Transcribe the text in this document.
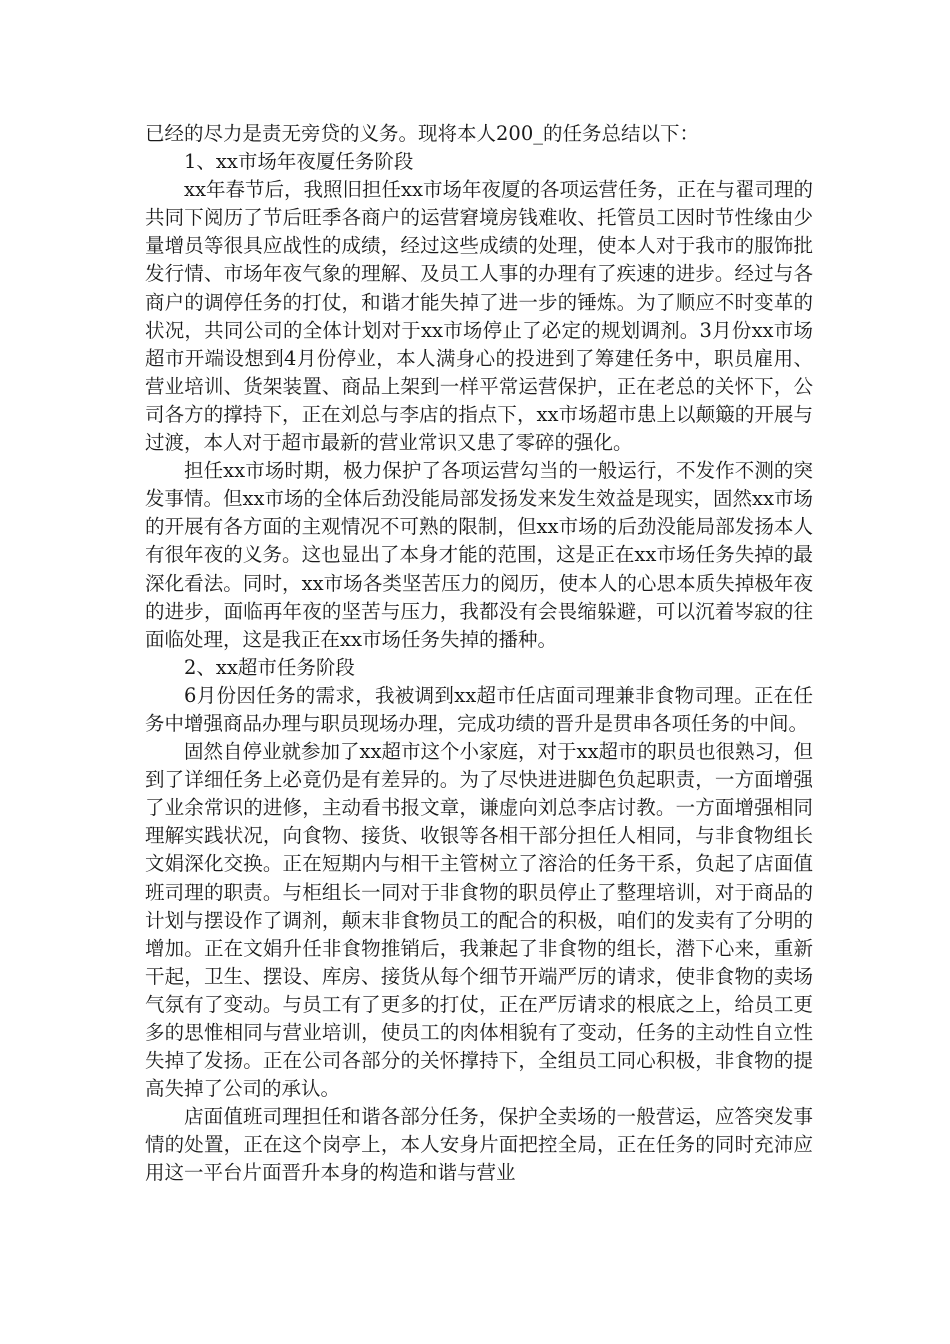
已经的尽力是责无旁贷的义务。现将本人200_的任务总结以下：

1、xx市场年夜厦任务阶段

xx年春节后，我照旧担任xx市场年夜厦的各项运营任务，正在与翟司理的共同下阅历了节后旺季各商户的运营窘境房钱难收、托管员工因时节性缘由少量增员等很具应战性的成绩，经过这些成绩的处理，使本人对于我市的服饰批发行情、市场年夜气象的理解、及员工人事的办理有了疾速的进步。经过与各商户的调停任务的打仗，和谐才能失掉了进一步的锤炼。为了顺应不时变革的状况，共同公司的全体计划对于xx市场停止了必定的规划调剂。3月份xx市场超市开端设想到4月份停业，本人满身心的投进到了筹建任务中，职员雇用、营业培训、货架装置、商品上架到一样平常运营保护，正在老总的关怀下，公司各方的撑持下，正在刘总与李店的指点下，xx市场超市患上以颠簸的开展与过渡，本人对于超市最新的营业常识又患了零碎的强化。

担任xx市场时期，极力保护了各项运营勾当的一般运行，不发作不测的突发事情。但xx市场的全体后劲没能局部发扬发来发生效益是现实，固然xx市场的开展有各方面的主观情况不可熟的限制，但xx市场的后劲没能局部发扬本人有很年夜的义务。这也显出了本身才能的范围，这是正在xx市场任务失掉的最深化看法。同时，xx市场各类坚苦压力的阅历，使本人的心思本质失掉极年夜的进步，面临再年夜的坚苦与压力，我都没有会畏缩躲避，可以沉着岑寂的往面临处理，这是我正在xx市场任务失掉的播种。

2、xx超市任务阶段

6月份因任务的需求，我被调到xx超市任店面司理兼非食物司理。正在任务中增强商品办理与职员现场办理，完成功绩的晋升是贯串各项任务的中间。

固然自停业就参加了xx超市这个小家庭，对于xx超市的职员也很熟习，但到了详细任务上必竟仍是有差异的。为了尽快进进脚色负起职责，一方面增强了业余常识的进修，主动看书报文章，谦虚向刘总李店讨教。一方面增强相同理解实践状况，向食物、接货、收银等各相干部分担任人相同，与非食物组长文娟深化交换。正在短期内与相干主管树立了溶洽的任务干系，负起了店面值班司理的职责。与柜组长一同对于非食物的职员停止了整理培训，对于商品的计划与摆设作了调剂，颠末非食物员工的配合的积极，咱们的发卖有了分明的增加。正在文娟升任非食物推销后，我兼起了非食物的组长，潜下心来，重新干起，卫生、摆设、库房、接货从每个细节开端严厉的请求，使非食物的卖场气氛有了变动。与员工有了更多的打仗，正在严厉请求的根底之上，给员工更多的思惟相同与营业培训，使员工的肉体相貌有了变动，任务的主动性自立性失掉了发扬。正在公司各部分的关怀撑持下，全组员工同心积极，非食物的提高失掉了公司的承认。

店面值班司理担任和谐各部分任务，保护全卖场的一般营运，应答突发事情的处置，正在这个岗亭上，本人安身片面把控全局，正在任务的同时充沛应用这一平台片面晋升本身的构造和谐与营业
